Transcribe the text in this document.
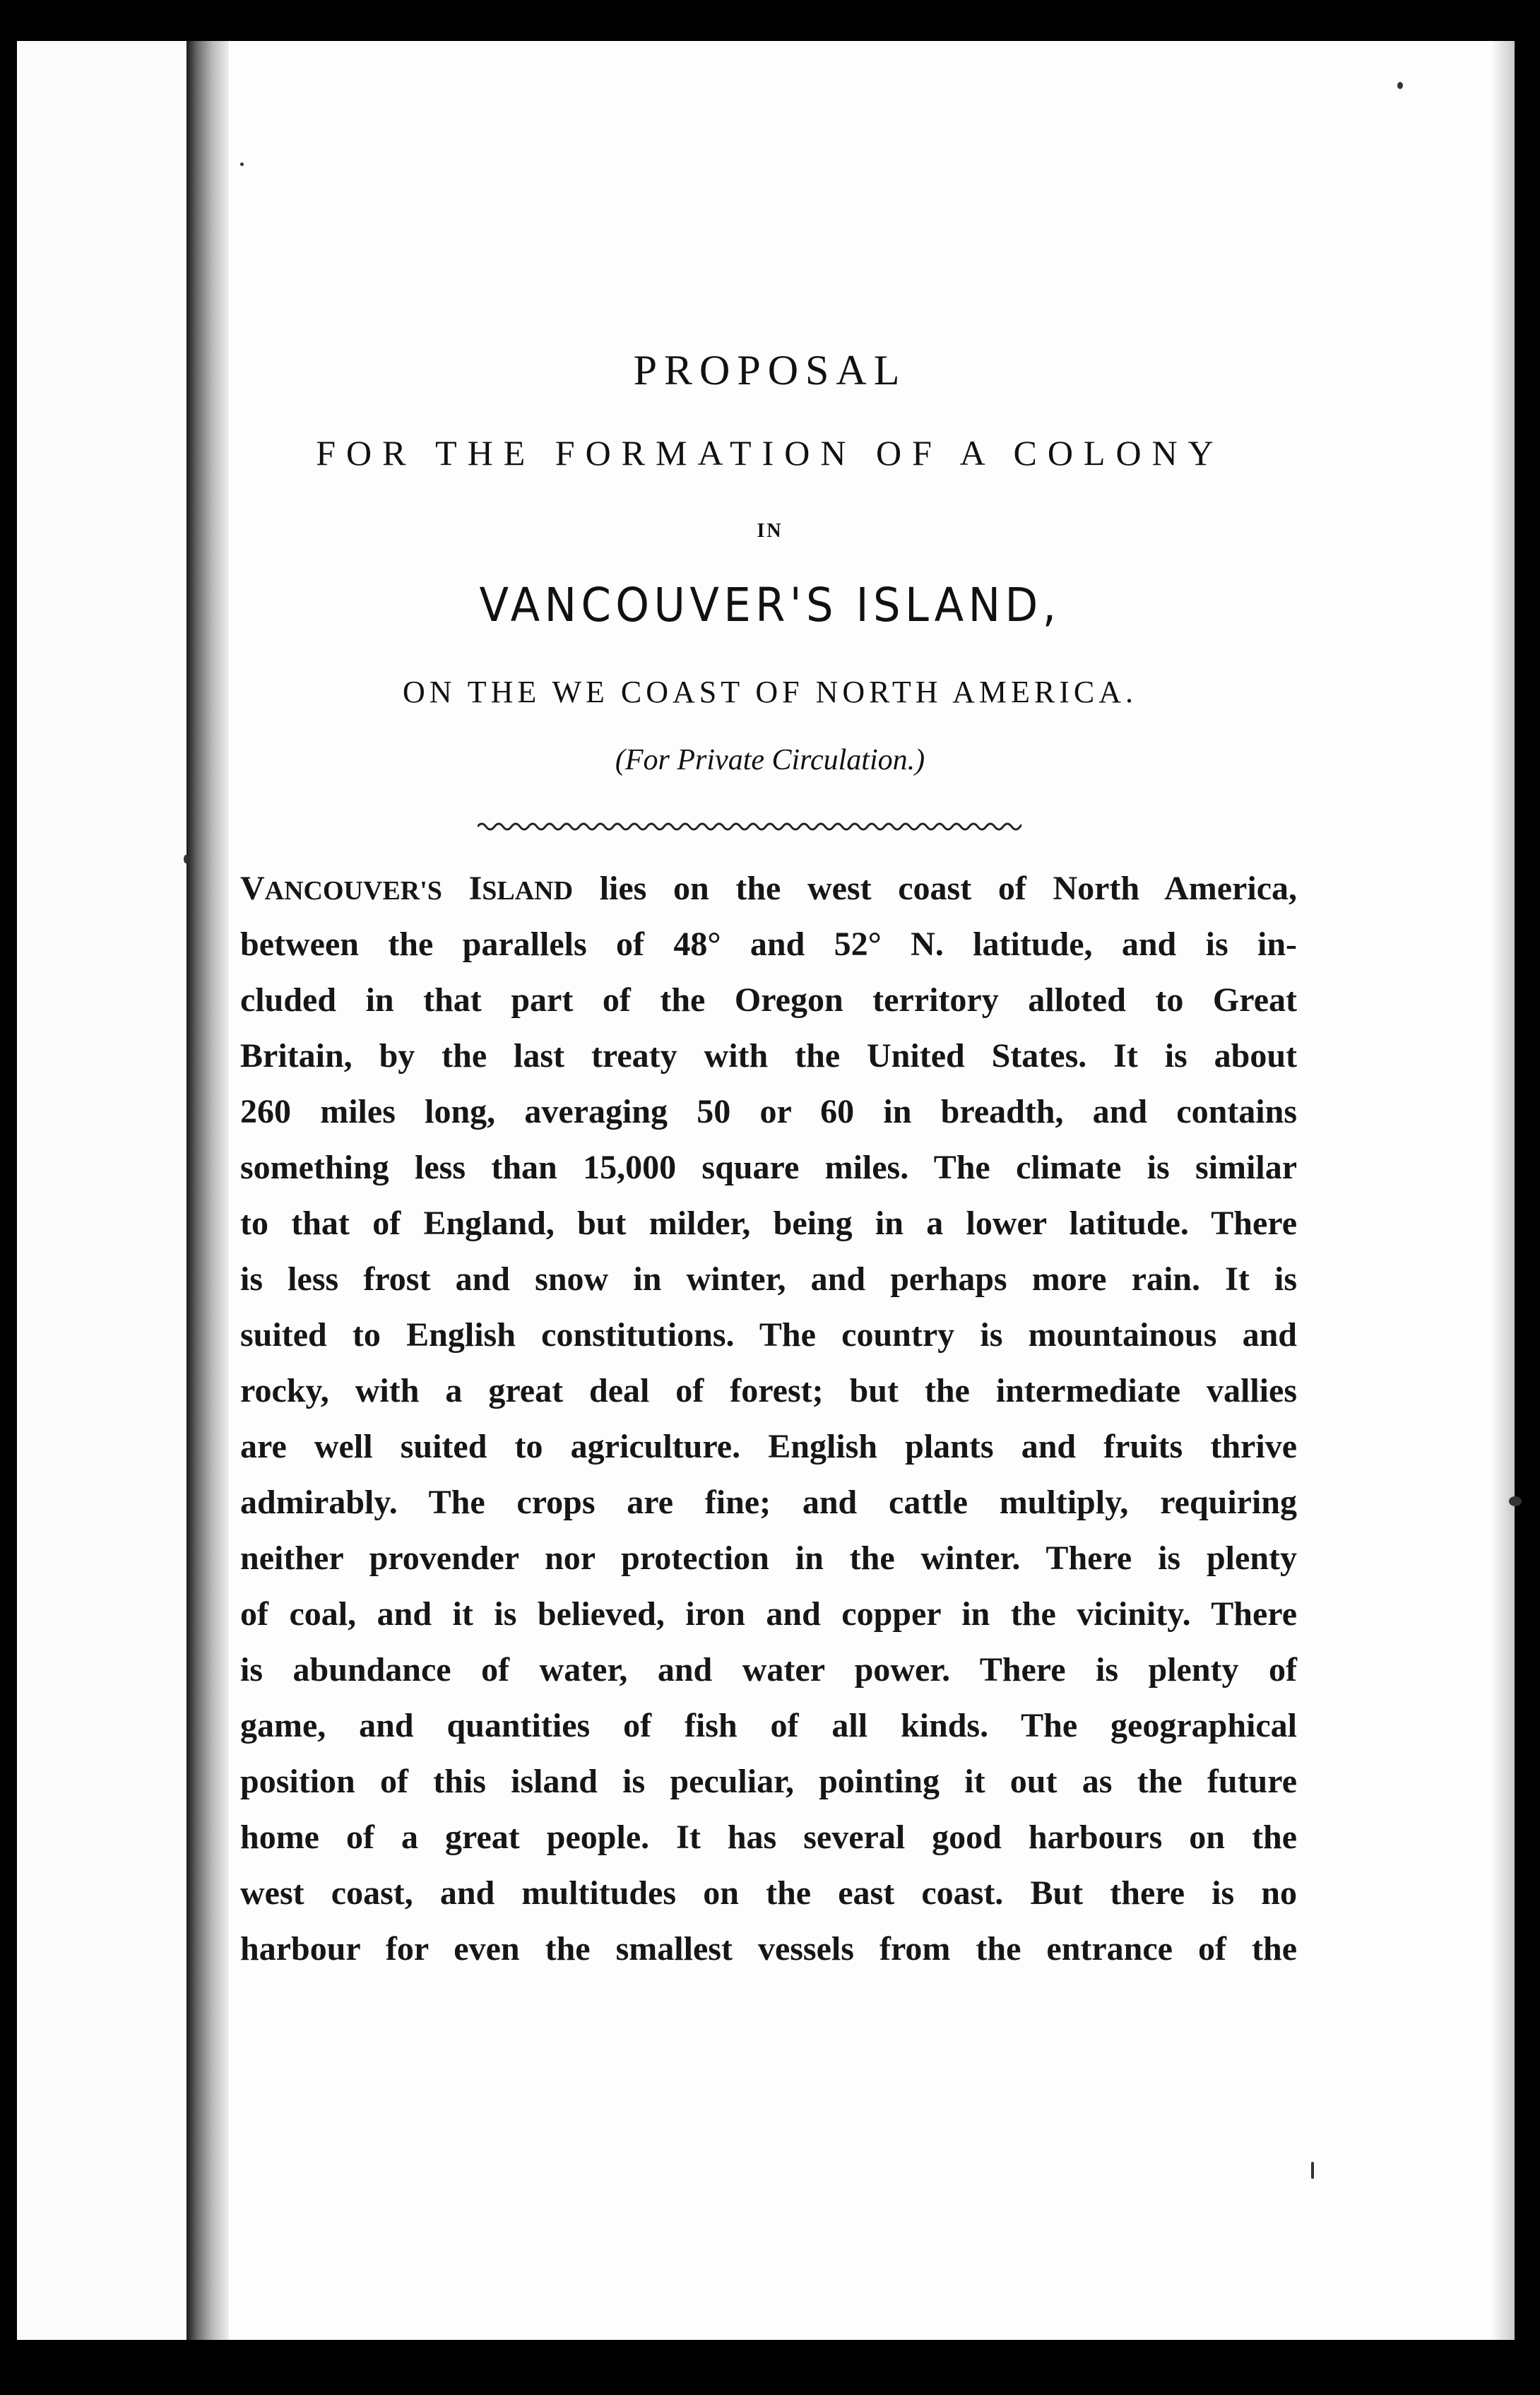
PROPOSAL
FOR THE FORMATION OF A COLONY
IN
VANCOUVER'S ISLAND,
ON THE WE COAST OF NORTH AMERICA.
(For Private Circulation.)
VANCOUVER'S ISLAND lies on the west coast of North America,
between the parallels of 48° and 52° N. latitude, and is in-
cluded in that part of the Oregon territory alloted to Great
Britain, by the last treaty with the United States. It is about
260 miles long, averaging 50 or 60 in breadth, and contains
something less than 15,000 square miles. The climate is similar
to that of England, but milder, being in a lower latitude. There
is less frost and snow in winter, and perhaps more rain. It is
suited to English constitutions. The country is mountainous and
rocky, with a great deal of forest; but the intermediate vallies
are well suited to agriculture. English plants and fruits thrive
admirably. The crops are fine; and cattle multiply, requiring
neither provender nor protection in the winter. There is plenty
of coal, and it is believed, iron and copper in the vicinity. There
is abundance of water, and water power. There is plenty of
game, and quantities of fish of all kinds. The geographical
position of this island is peculiar, pointing it out as the future
home of a great people. It has several good harbours on the
west coast, and multitudes on the east coast. But there is no
harbour for even the smallest vessels from the entrance of the
